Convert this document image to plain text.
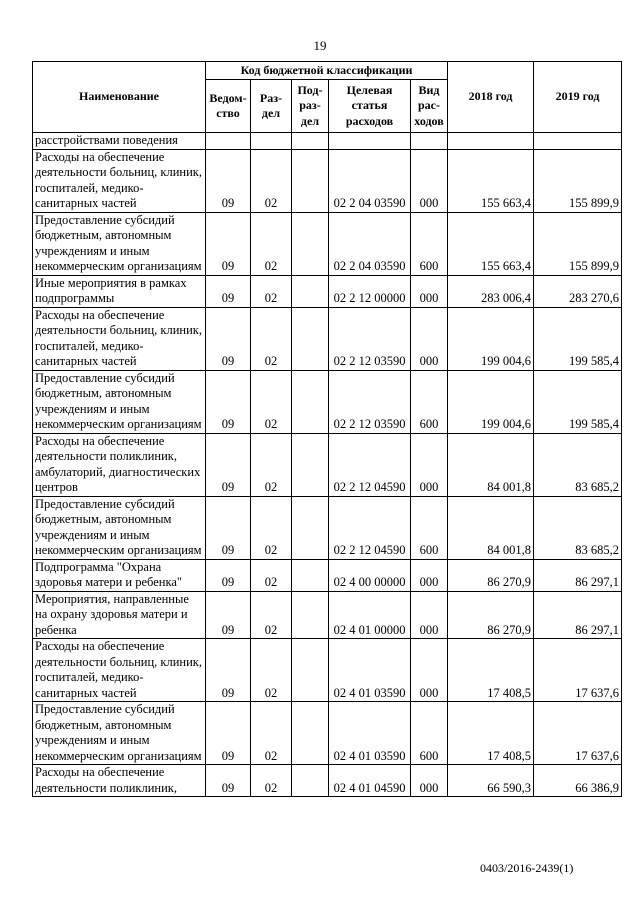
19
Наименование	Код бюджетной классификации					2018 год	2019 год
	Ведом-ство	Раз-дел	Под-раз-дел	Целевая статья расходов	Вид рас-ходов		
расстройствами поведения							
Расходы на обеспечение деятельности больниц, клиник, госпиталей, медико-санитарных частей	09	02		02 2 04 03590	000	155 663,4	155 899,9
Предоставление субсидий бюджетным, автономным учреждениям и иным некоммерческим организациям	09	02		02 2 04 03590	600	155 663,4	155 899,9
Иные мероприятия в рамках подпрограммы	09	02		02 2 12 00000	000	283 006,4	283 270,6
Расходы на обеспечение деятельности больниц, клиник, госпиталей, медико-санитарных частей	09	02		02 2 12 03590	000	199 004,6	199 585,4
Предоставление субсидий бюджетным, автономным учреждениям и иным некоммерческим организациям	09	02		02 2 12 03590	600	199 004,6	199 585,4
Расходы на обеспечение деятельности поликлиник, амбулаторий, диагностических центров	09	02		02 2 12 04590	000	84 001,8	83 685,2
Предоставление субсидий бюджетным, автономным учреждениям и иным некоммерческим организациям	09	02		02 2 12 04590	600	84 001,8	83 685,2
Подпрограмма "Охрана здоровья матери и ребенка"	09	02		02 4 00 00000	000	86 270,9	86 297,1
Мероприятия, направленные на охрану здоровья матери и ребенка	09	02		02 4 01 00000	000	86 270,9	86 297,1
Расходы на обеспечение деятельности больниц, клиник, госпиталей, медико-санитарных частей	09	02		02 4 01 03590	000	17 408,5	17 637,6
Предоставление субсидий бюджетным, автономным учреждениям и иным некоммерческим организациям	09	02		02 4 01 03590	600	17 408,5	17 637,6
Расходы на обеспечение деятельности поликлиник,	09	02		02 4 01 04590	000	66 590,3	66 386,9
0403/2016-2439(1)
